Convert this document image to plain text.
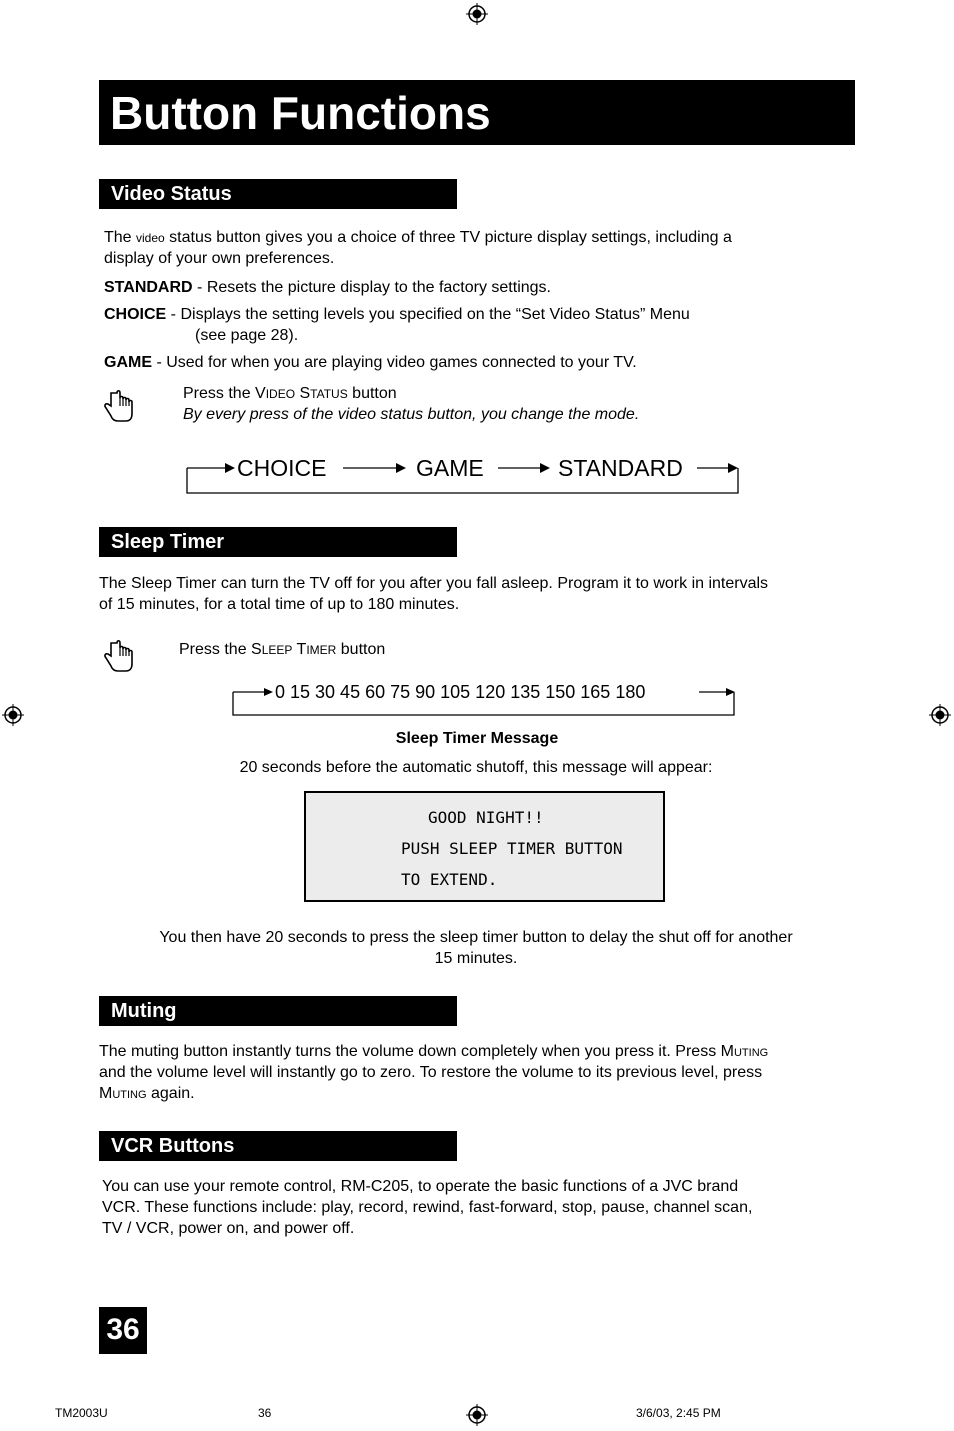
Button Functions
Video Status
The video status button gives you a choice of three TV picture display settings, including a
display of your own preferences.
STANDARD - Resets the picture display to the factory settings.
CHOICE - Displays the setting levels you specified on the “Set Video Status” Menu
(see page 28).
GAME - Used for when you are playing video games connected to your TV.
Press the VIDEO STATUS button
By every press of the video status button, you change the mode.
CHOICE	GAME	STANDARD
Sleep Timer
The Sleep Timer can turn the TV off for you after you fall asleep. Program it to work in intervals
of 15 minutes, for a total time of up to 180 minutes.
Press the SLEEP TIMER button
0 15 30 45 60 75 90 105 120 135 150 165 180
Sleep Timer Message
20 seconds before the automatic shutoff, this message will appear:
GOOD NIGHT!!
PUSH SLEEP TIMER BUTTON
TO EXTEND.
You then have 20 seconds to press the sleep timer button to delay the shut off for another
15 minutes.
Muting
The muting button instantly turns the volume down completely when you press it. Press MUTING
and the volume level will instantly go to zero. To restore the volume to its previous level, press
MUTING again.
VCR Buttons
You can use your remote control, RM-C205, to operate the basic functions of a JVC brand
VCR. These functions include: play, record, rewind, fast-forward, stop, pause, channel scan,
TV / VCR, power on, and power off.
36
TM2003U	36	3/6/03, 2:45 PM
